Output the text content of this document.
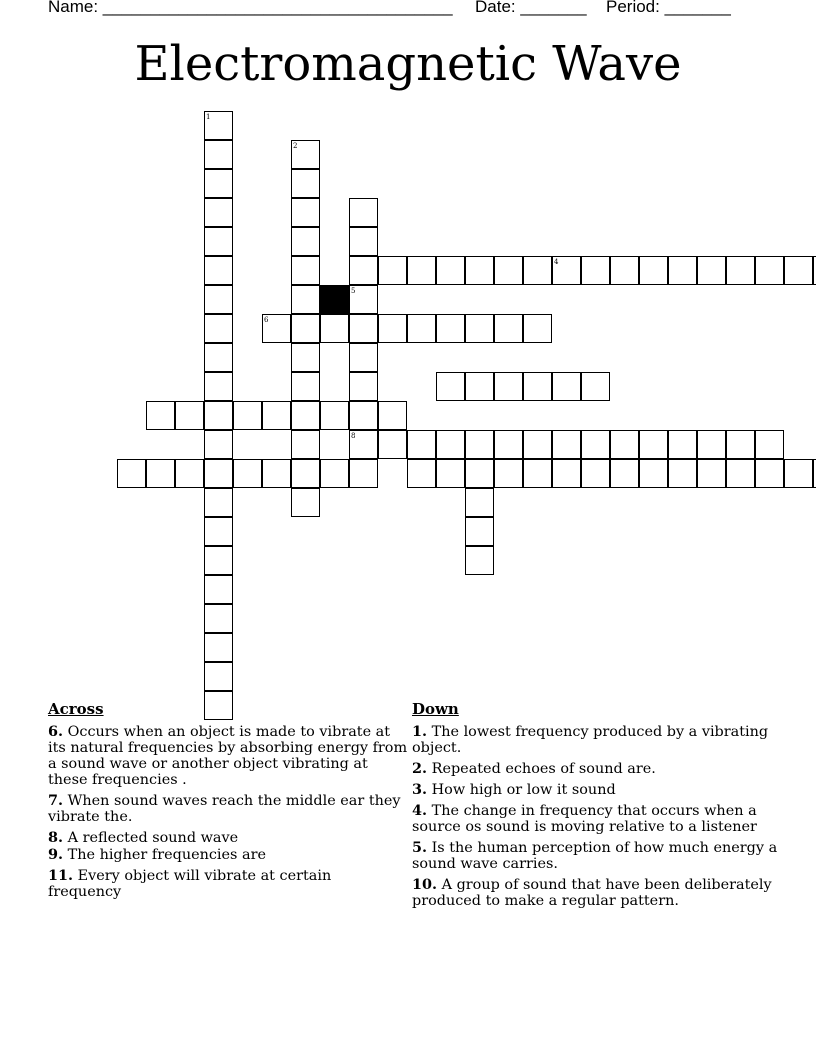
Name: _____________________________________ Date: _______ Period: _______
Electromagnetic Wave
1
2
5
8
6
4
Across
6. Occurs when an object is made to vibrate at its natural frequencies by absorbing energy from a sound wave or another object vibrating at these frequencies .
7. When sound waves reach the middle ear they vibrate the.
8. A reflected sound wave
9. The higher frequencies are
11. Every object will vibrate at certain frequency
Down
1. The lowest frequency produced by a vibrating object.
2. Repeated echoes of sound are.
3. How high or low it sound
4. The change in frequency that occurs when a source os sound is moving relative to a listener
5. Is the human perception of how much energy a sound wave carries.
10. A group of sound that have been deliberately produced to make a regular pattern.
